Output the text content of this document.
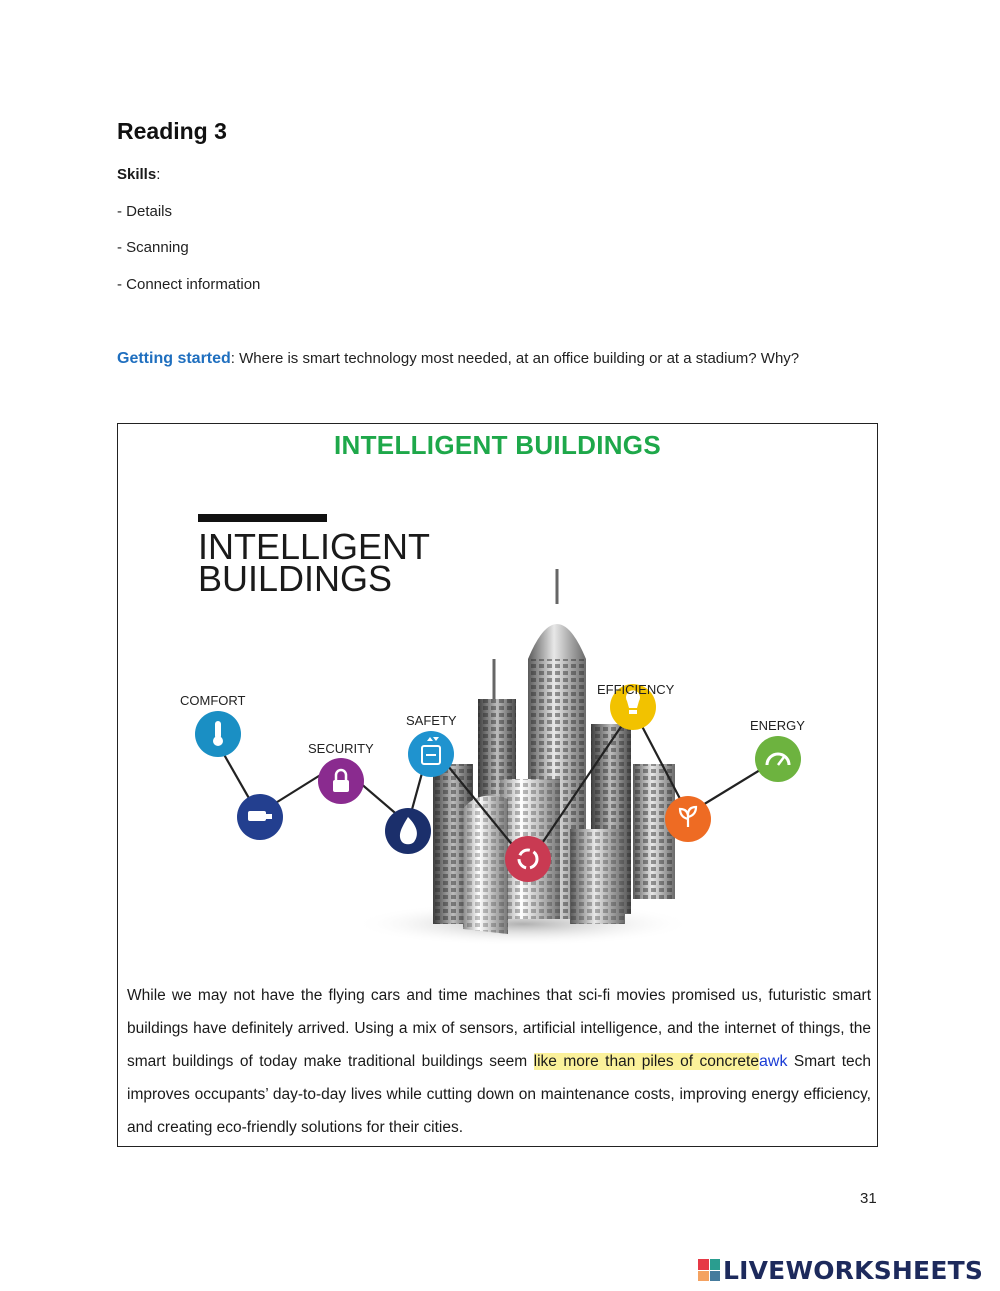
Reading 3
Skills:
- Details
- Scanning
- Connect information
Getting started: Where is smart technology most needed, at an office building or at a stadium? Why?
INTELLIGENT BUILDINGS
INTELLIGENT
BUILDINGS
COMFORT
SECURITY
SAFETY
EFFICIENCY
ENERGY
While we may not have the flying cars and time machines that sci-fi movies promised us, futuristic smart buildings have definitely arrived. Using a mix of sensors, artificial intelligence, and the internet of things, the smart buildings of today make traditional buildings seem like more than piles of concreteawk Smart tech improves occupants’ day-to-day lives while cutting down on maintenance costs, improving energy efficiency, and creating eco-friendly solutions for their cities.
31
LIVEWORKSHEETS
